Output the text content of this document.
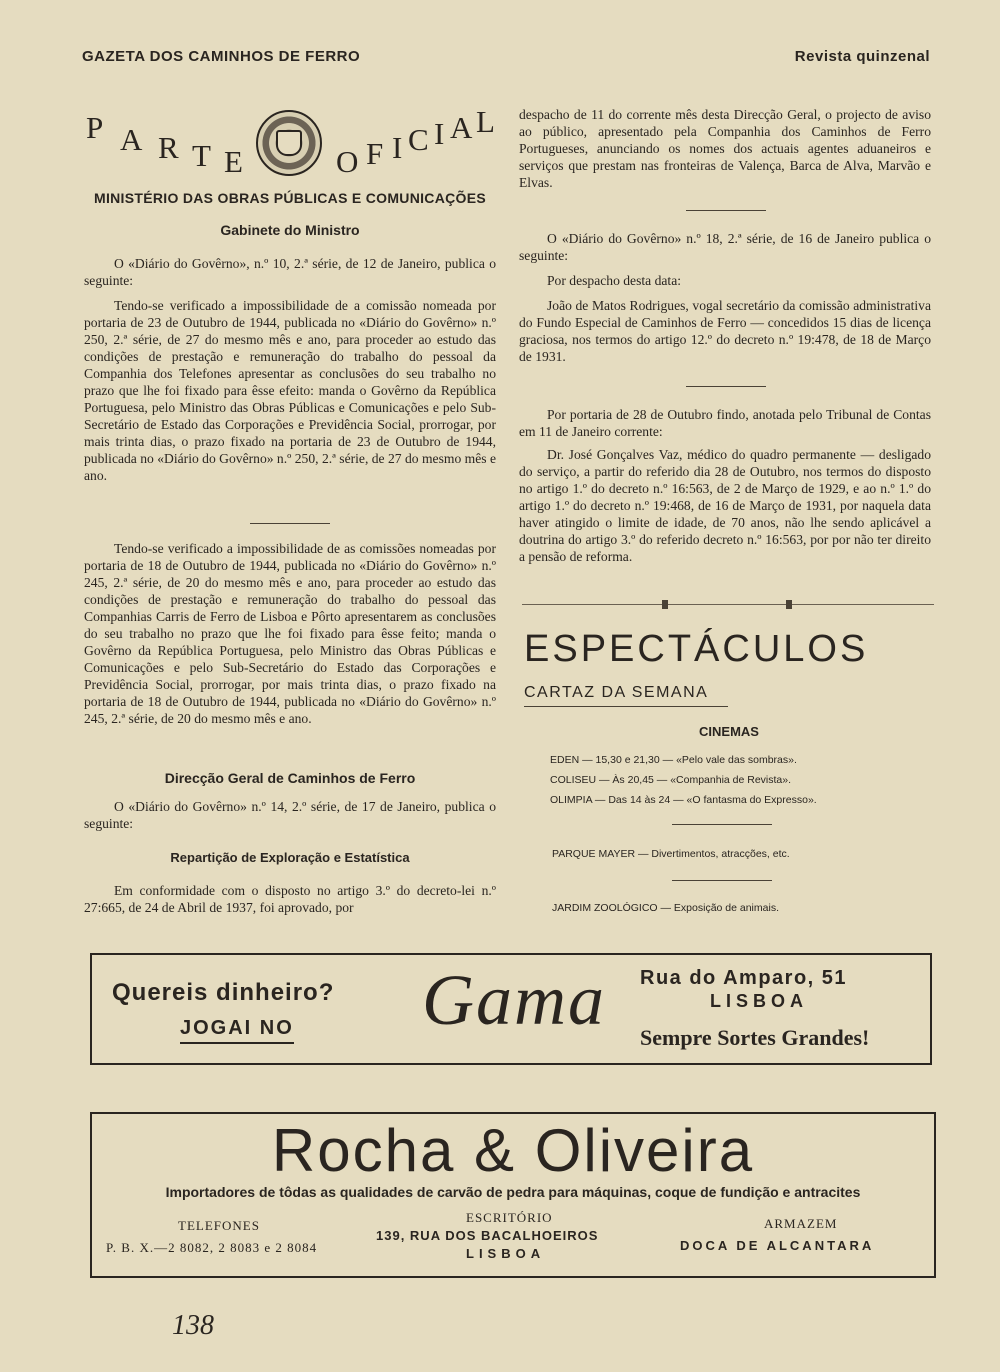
GAZETA DOS CAMINHOS DE FERRO	Revista quinzenal
P A R T E	O F I C I A L
MINISTÉRIO DAS OBRAS PÚBLICAS E COMUNICAÇÕES
Gabinete do Ministro

O «Diário do Govêrno», n.º 10, 2.ª série, de 12 de Janeiro, publica o seguinte:

Tendo-se verificado a impossibilidade de a comissão nomeada por portaria de 23 de Outubro de 1944, publicada no «Diário do Govêrno» n.º 250, 2.ª série, de 27 do mesmo mês e ano, para proceder ao estudo das condições de prestação e remuneração do trabalho do pessoal da Companhia dos Telefones apresentar as conclusões do seu trabalho no prazo que lhe foi fixado para êsse efeito: manda o Govêrno da República Portuguesa, pelo Ministro das Obras Públicas e Comunicações e pelo Sub-Secretário de Estado das Corporações e Previdência Social, prorrogar, por mais trinta dias, o prazo fixado na portaria de 23 de Outubro de 1944, publicada no «Diário do Govêrno» n.º 250, 2.ª série, de 27 do mesmo mês e ano.

Tendo-se verificado a impossibilidade de as comissões nomeadas por portaria de 18 de Outubro de 1944, publicada no «Diário do Govêrno» n.º 245, 2.ª série, de 20 do mesmo mês e ano, para proceder ao estudo das condições de prestação e remuneração do trabalho do pessoal das Companhias Carris de Ferro de Lisboa e Pôrto apresentarem as conclusões do seu trabalho no prazo que lhe foi fixado para êsse feito; manda o Govêrno da República Portuguesa, pelo Ministro das Obras Públicas e Comunicações e pelo Sub-Secretário do Estado das Corporações e Previdência Social, prorrogar, por mais trinta dias, o prazo fixado na portaria de 18 de Outubro de 1944, publicada no «Diário do Govêrno» n.º 245, 2.ª série, de 20 do mesmo mês e ano.

Direcção Geral de Caminhos de Ferro

O «Diário do Govêrno» n.º 14, 2.º série, de 17 de Janeiro, publica o seguinte:

Repartição de Exploração e Estatística

Em conformidade com o disposto no artigo 3.º do decreto-lei n.º 27:665, de 24 de Abril de 1937, foi aprovado, por

despacho de 11 do corrente mês desta Direcção Geral, o projecto de aviso ao público, apresentado pela Companhia dos Caminhos de Ferro Portugueses, anunciando os nomes dos actuais agentes aduaneiros e serviços que prestam nas fronteiras de Valença, Barca de Alva, Marvão e Elvas.

O «Diário do Govêrno» n.º 18, 2.ª série, de 16 de Janeiro publica o seguinte:

Por despacho desta data:

João de Matos Rodrigues, vogal secretário da comissão administrativa do Fundo Especial de Caminhos de Ferro — concedidos 15 dias de licença graciosa, nos termos do artigo 12.º do decreto n.º 19:478, de 18 de Março de 1931.

Por portaria de 28 de Outubro findo, anotada pelo Tribunal de Contas em 11 de Janeiro corrente:

Dr. José Gonçalves Vaz, médico do quadro permanente — desligado do serviço, a partir do referido dia 28 de Outubro, nos termos do disposto no artigo 1.º do decreto n.º 16:563, de 2 de Março de 1929, e ao n.º 1.º do artigo 1.º do decreto n.º 19:468, de 16 de Março de 1931, por naquela data haver atingido o limite de idade, de 70 anos, não lhe sendo aplicável a doutrina do artigo 3.º do referido decreto n.º 16:563, por por não ter direito a pensão de reforma.

ESPECTÁCULOS
CARTAZ DA SEMANA
CINEMAS
EDEN — 15,30 e 21,30 — «Pelo vale das sombras».
COLISEU — Às 20,45 — «Companhia de Revista».
OLIMPIA — Das 14 às 24 — «O fantasma do Expresso».
PARQUE MAYER — Divertimentos, atracções, etc.
JARDIM ZOOLÓGICO — Exposição de animais.
Quereis dinheiro?
JOGAI NO Gama Rua do Amparo, 51
LISBOA
Sempre Sortes Grandes!
Rocha & Oliveira
Importadores de tôdas as qualidades de carvão de pedra para máquinas, coque de fundição e antracites
TELEFONES
P. B. X.—2 8082, 2 8083 e 2 8084
ESCRITÓRIO
139, RUA DOS BACALHOEIROS
LISBOA
ARMAZEM
DOCA DE ALCANTARA
138
